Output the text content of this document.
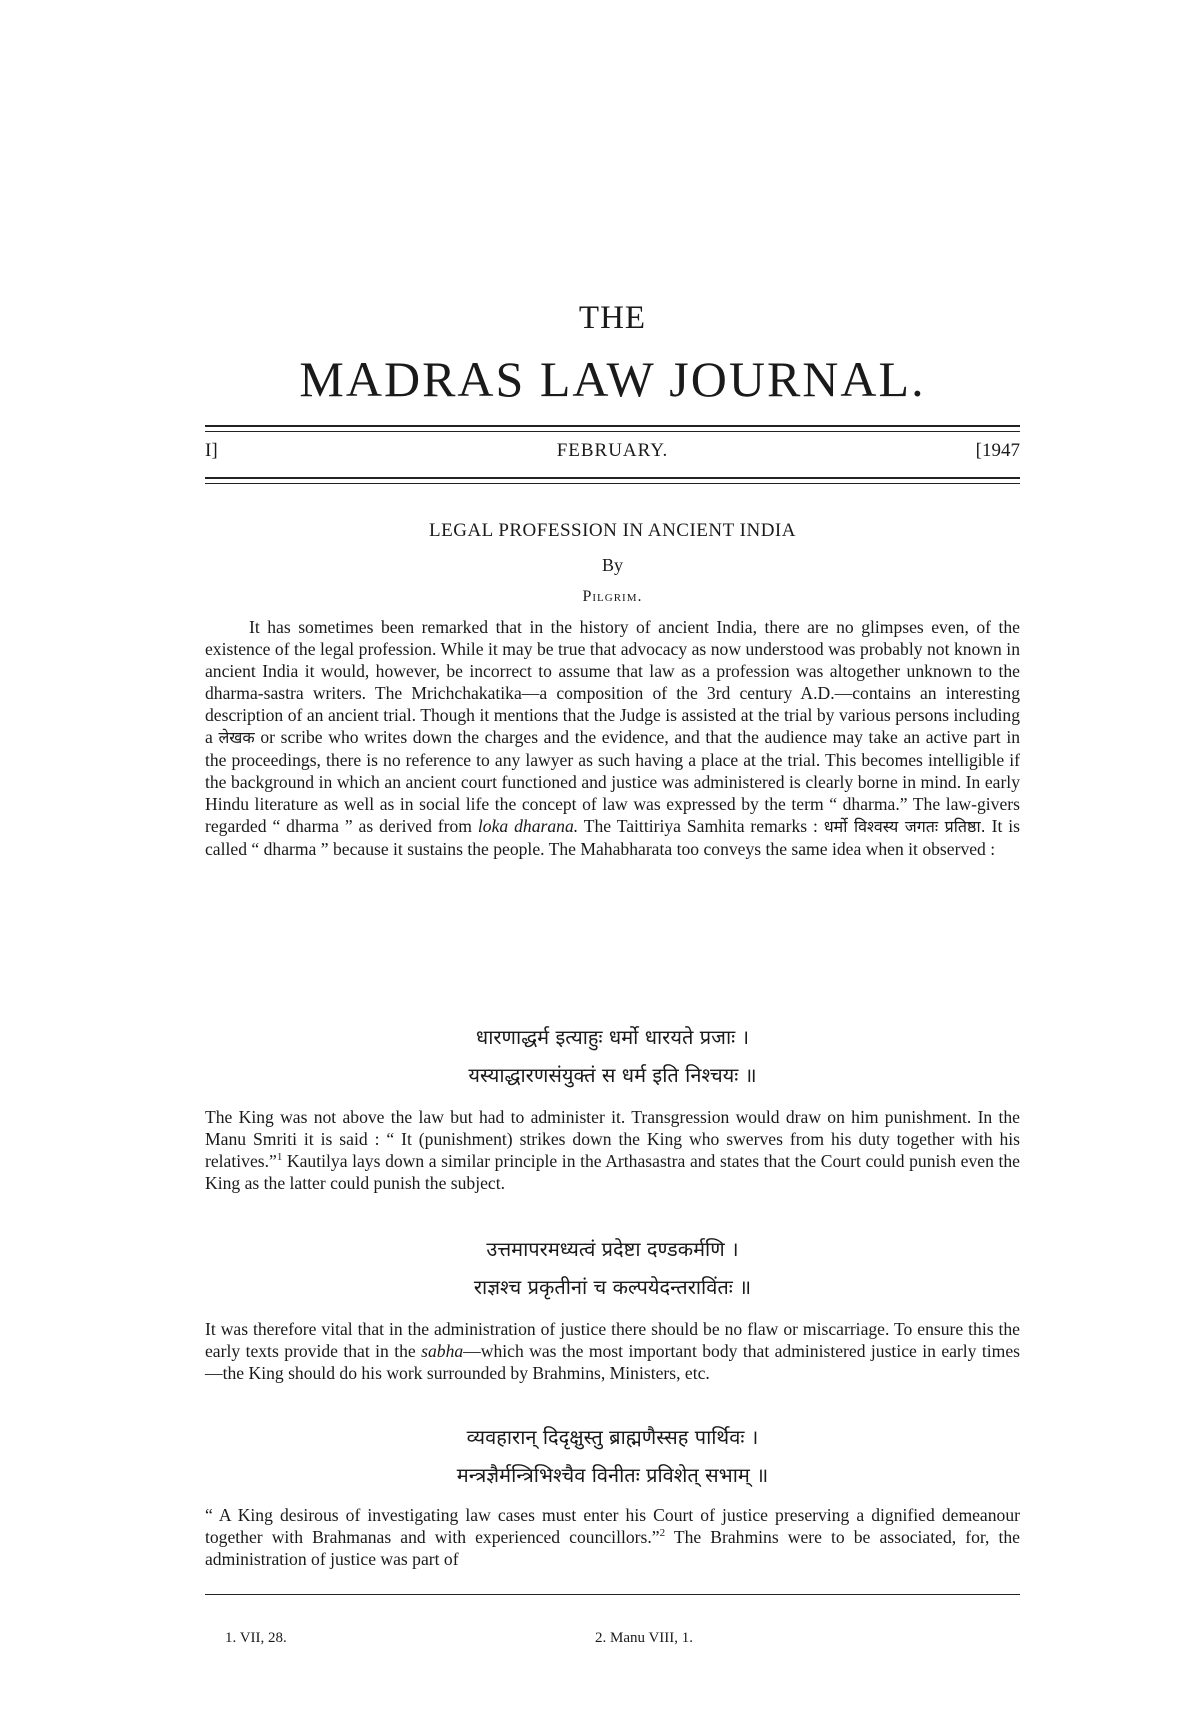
THE
MADRAS LAW JOURNAL.
I]	FEBRUARY.	[1947
LEGAL PROFESSION IN ANCIENT INDIA
By
Pilgrim.

It has sometimes been remarked that in the history of ancient India, there are no glimpses even, of the existence of the legal profession. While it may be true that advocacy as now understood was probably not known in ancient India it would, however, be incorrect to assume that law as a profession was altogether unknown to the dharma-sastra writers. The Mrichchakatika—a composition of the 3rd century A.D.—contains an interesting description of an ancient trial. Though it mentions that the Judge is assisted at the trial by various persons including a लेखक or scribe who writes down the charges and the evidence, and that the audience may take an active part in the proceedings, there is no reference to any lawyer as such having a place at the trial. This becomes intelligible if the background in which an ancient court functioned and justice was administered is clearly borne in mind. In early Hindu literature as well as in social life the concept of law was expressed by the term “ dharma.” The law-givers regarded “ dharma ” as derived from loka dharana. The Taittiriya Samhita remarks : धर्मो विश्वस्य जगतः प्रतिष्ठा. It is called “ dharma ” because it sustains the people. The Mahabharata too conveys the same idea when it observed :

धारणाद्धर्म इत्याहुः धर्मो धारयते प्रजाः ।
यस्याद्धारणसंयुक्तं स धर्म इति निश्चयः ॥

The King was not above the law but had to administer it. Transgression would draw on him punishment. In the Manu Smriti it is said : “ It (punishment) strikes down the King who swerves from his duty together with his relatives.”$^1$ Kautilya lays down a similar principle in the Arthasastra and states that the Court could punish even the King as the latter could punish the subject.

उत्तमापरमध्यत्वं प्रदेष्टा दण्डकर्मणि ।
राज्ञश्च प्रकृतीनां च कल्पयेदन्तराविंतः ॥

It was therefore vital that in the administration of justice there should be no flaw or miscarriage. To ensure this the early texts provide that in the sabha—which was the most important body that administered justice in early times—the King should do his work surrounded by Brahmins, Ministers, etc.

व्यवहारान् दिदृक्षुस्तु ब्राह्मणैस्सह पार्थिवः ।
मन्त्रज्ञैर्मन्त्रिभिश्चैव विनीतः प्रविशेत् सभाम् ॥

“ A King desirous of investigating law cases must enter his Court of justice preserving a dignified demeanour together with Brahmanas and with experienced councillors.”$^2$ The Brahmins were to be associated, for, the administration of justice was part of

1. VII, 28.	2. Manu VIII, 1.
